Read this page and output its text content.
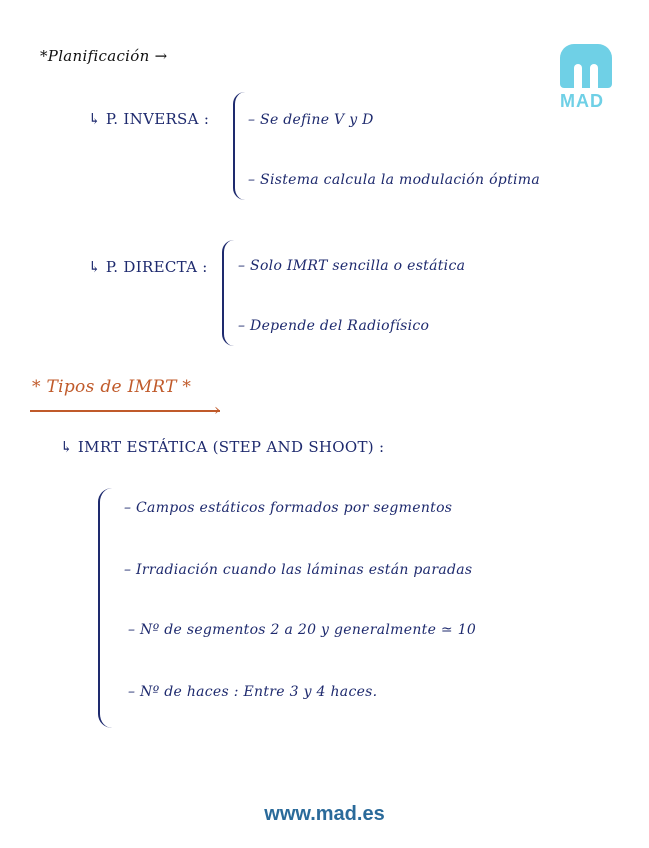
MAD
*Planificación →
↳ P. INVERSA :	– Se define V y D
– Sistema calcula la modulación óptima
↳ P. DIRECTA : – Solo IMRT sencilla o estática
– Depende del Radiofísico
* Tipos de IMRT *
›
↳ IMRT ESTÁTICA (STEP AND SHOOT) :
– Campos estáticos formados por segmentos
– Irradiación cuando las láminas están paradas
– Nº de segmentos 2 a 20 y generalmente ≃ 10
– Nº de haces : Entre 3 y 4 haces.
www.mad.es
